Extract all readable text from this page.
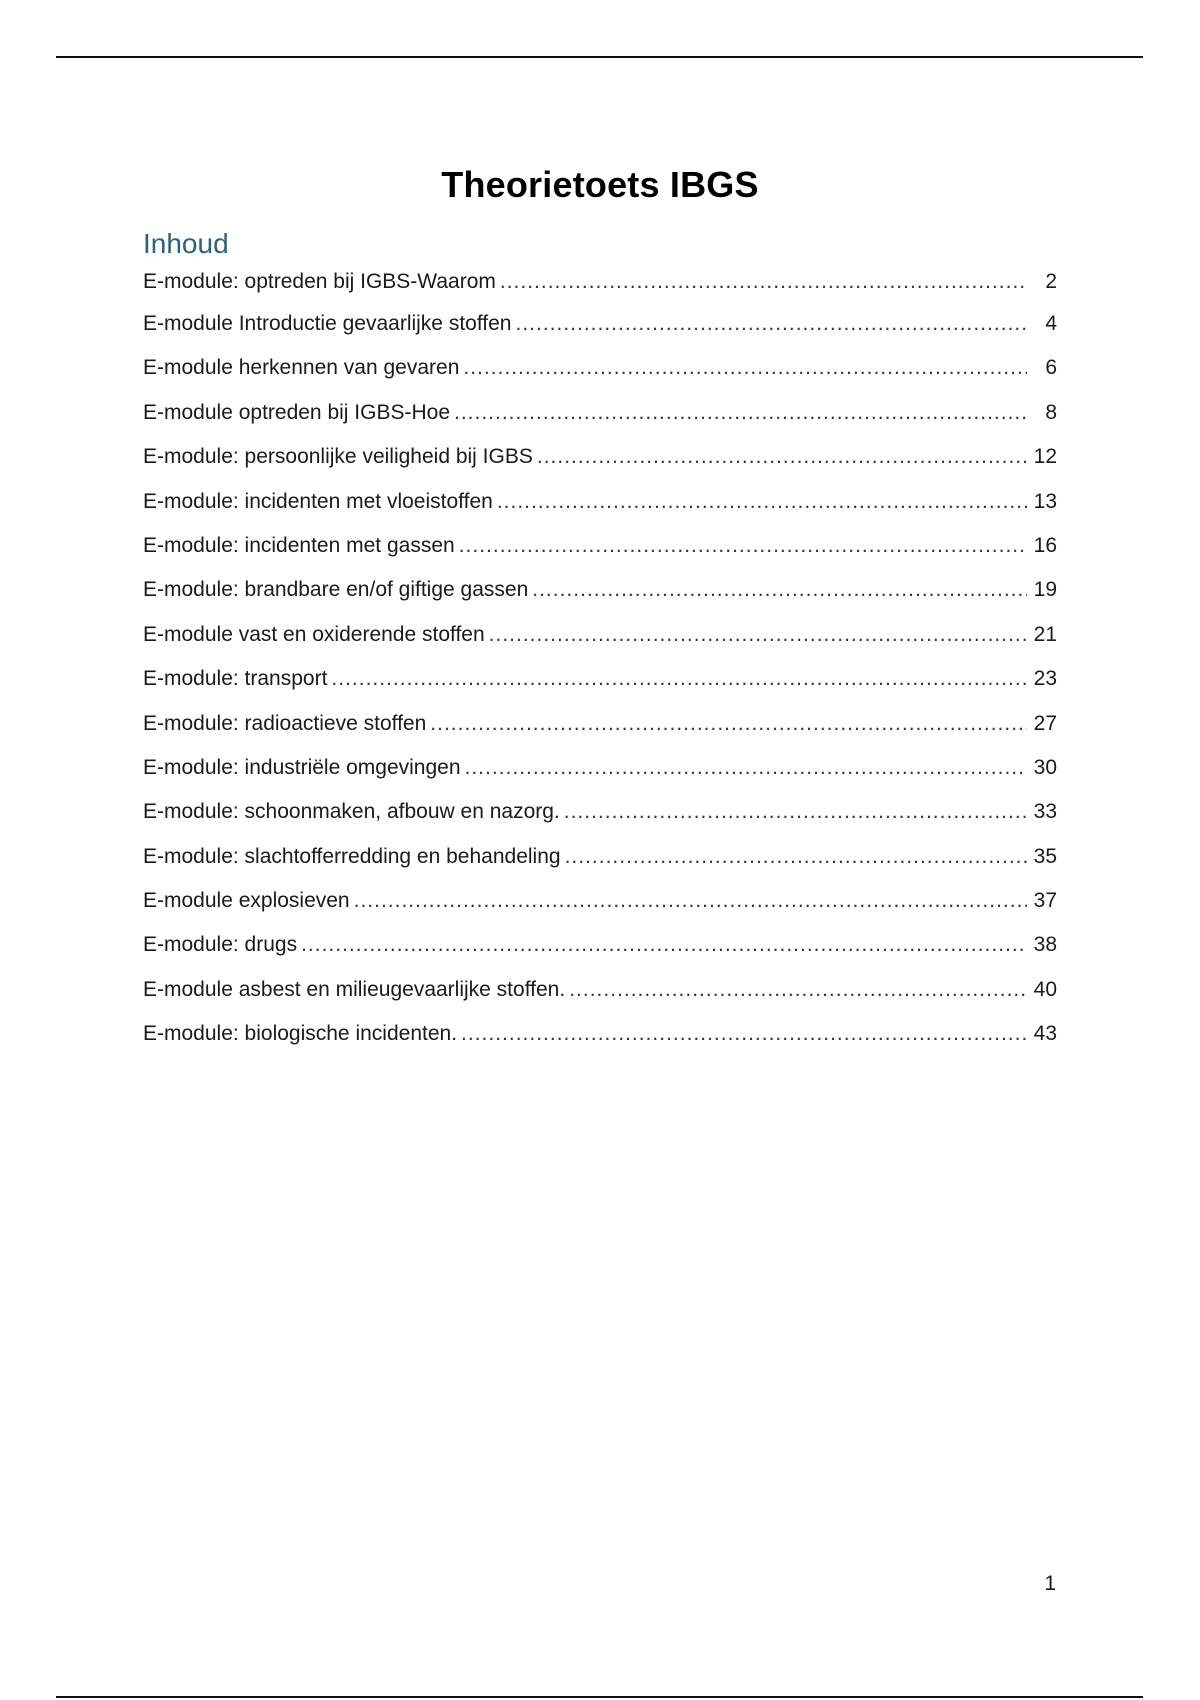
Theorietoets IBGS
Inhoud
E-module: optreden bij IGBS-Waarom .....	2
E-module Introductie gevaarlijke stoffen .....	4
E-module herkennen van gevaren .....	6
E-module optreden bij IGBS-Hoe .....	8
E-module: persoonlijke veiligheid bij IGBS .....	12
E-module: incidenten met vloeistoffen .....	13
E-module: incidenten met gassen .....	16
E-module: brandbare en/of giftige gassen .....	19
E-module vast en oxiderende stoffen .....	21
E-module: transport .....	23
E-module: radioactieve stoffen .....	27
E-module: industriële omgevingen .....	30
E-module: schoonmaken, afbouw en nazorg. .....	33
E-module: slachtofferredding en behandeling .....	35
E-module explosieven .....	37
E-module: drugs .....	38
E-module asbest en milieugevaarlijke stoffen. .....	40
E-module: biologische incidenten. .....	43
1
